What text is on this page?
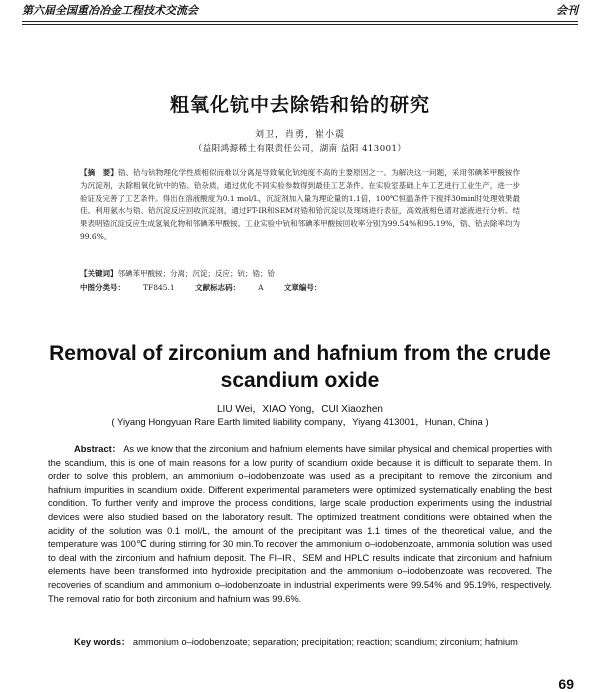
第六届全国重冶冶金工程技术交流会	会刊
粗氧化钪中去除锆和铪的研究
刘卫，肖勇，崔小震
（益阳鸿源稀土有限责任公司，湖南 益阳 413001）
【摘　要】锆、铪与钪物理化学性质相似而难以分离是导致氧化钪纯度不高的主要原因之一。为解决这一问题，采用邻碘苯甲酸铵作为沉淀剂，去除粗氧化钪中的锆、铪杂质，通过优化不同实验参数得到最佳工艺条件。在实验室基础上车工艺进行工业生产，进一步验证及完善了工艺条件。得出在溶液酸度为0.1 mol/L，沉淀剂加入量为理论量的1.1倍，100℃恒温条件下搅拌30min时处理效果最佳。利用氨水与锆、铪沉淀反应回收沉淀剂，通过FT-IR和SEM对锆和铪沉淀以及现场进行表征，高效液相色谱对滤液进行分析。结果表明锆沉淀反应生成氢氧化物和邻碘苯甲酸铵。工业实验中钪和邻碘苯甲酸铵回收率分别为99.54%和95.19%，锆、铪去除率均为99.6%。
【关键词】邻碘苯甲酸铵；分离；沉淀；反应；钪；锆；铪
中图分类号： TF845.1	文献标志码： A	文章编号：
Removal of zirconium and hafnium from the crude scandium oxide
LIU Wei，XIAO Yong，CUI Xiaozhen
( Yiyang Hongyuan Rare Earth limited liability company，Yiyang 413001，Hunan, China )
Abstract： As we know that the zirconium and hafnium elements have similar physical and chemical properties with the scandium, this is one of main reasons for a low purity of scandium oxide because it is difficult to separate them. In order to solve this problem, an ammonium o–iodobenzoate was used as a precipitant to remove the zirconium and hafnium impurities in scandium oxide. Different experimental parameters were optimized systematically enabling the best condition. To further verify and improve the process conditions, large scale production experiments using the industrial devices were also studied based on the laboratory result. The optimized treatment conditions were obtained when the acidity of the solution was 0.1 mol/L, the amount of the precipitant was 1.1 times of the theoretical value, and the temperature was 100℃ during stirring for 30 min.To recover the ammonium o–iodobenzoate, ammonia solution was used to deal with the zirconium and hafnium deposit. The FI–IR、SEM and HPLC results indicate that zirconium and hafnium elements have been transformed into hydroxide precipitation and the ammonium o–iodobenzoate was recovered. The recoveries of scandium and ammonium o–iodobenzoate in industrial experiments were 99.54% and 95.19%, respectively. The removal ratio for both zirconium and hafnium was 99.6%.
Key words： ammonium o–iodobenzoate; separation; precipitation; reaction; scandium; zirconium; hafnium
69
